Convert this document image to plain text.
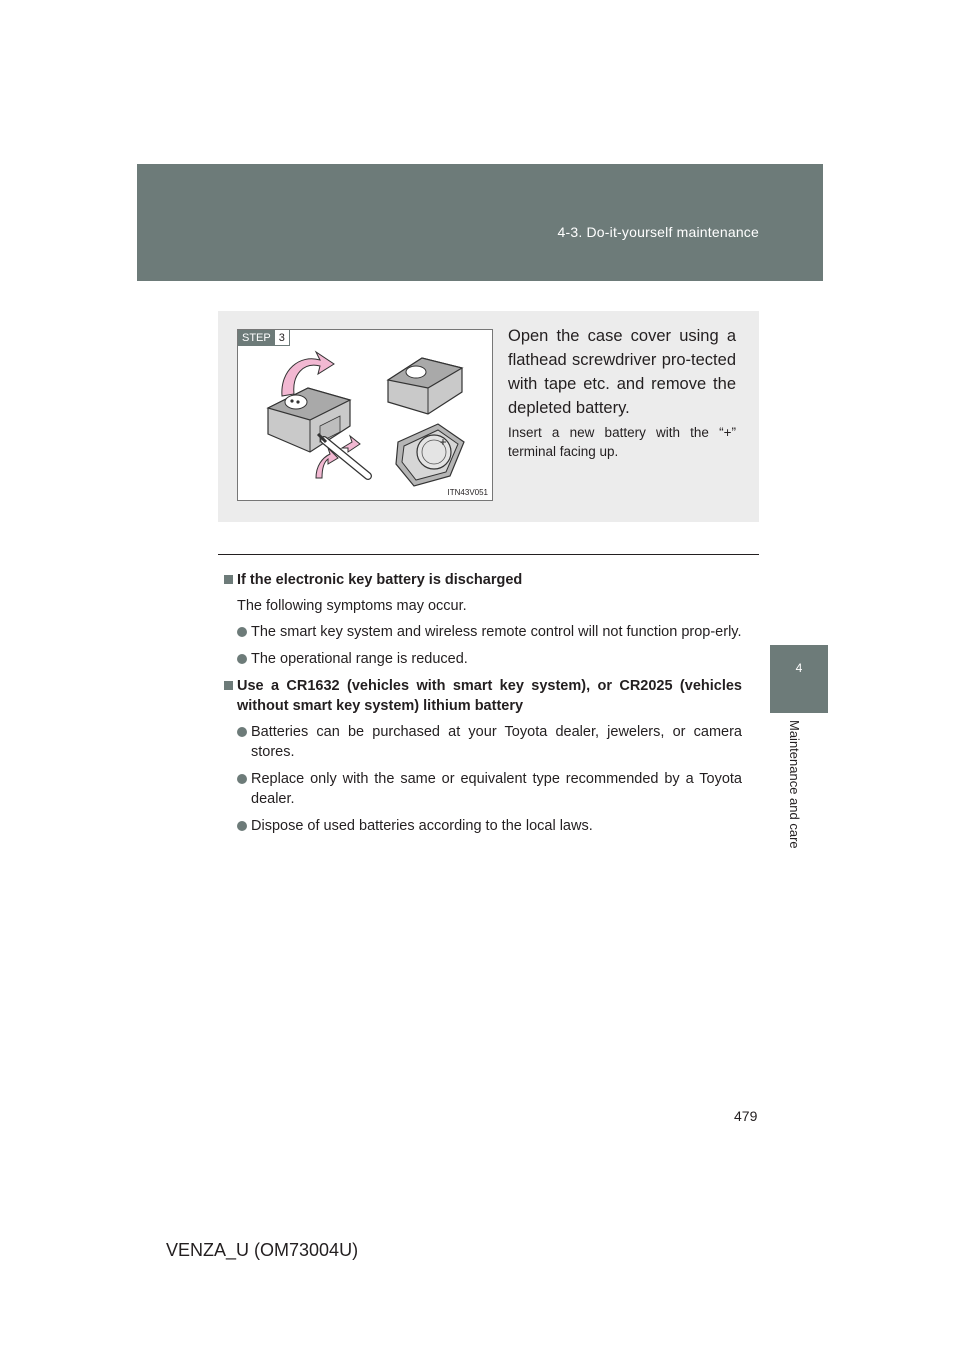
4-3. Do-it-yourself maintenance
4
Maintenance and care
STEP 3
ITN43V051
Open the case cover using a flathead screwdriver pro-tected with tape etc. and remove the depleted battery.
Insert a new battery with the “+” terminal facing up.
If the electronic key battery is discharged
The following symptoms may occur.
The smart key system and wireless remote control will not function prop-erly.
The operational range is reduced.
Use a CR1632 (vehicles with smart key system), or CR2025 (vehicles without smart key system) lithium battery
Batteries can be purchased at your Toyota dealer, jewelers, or camera stores.
Replace only with the same or equivalent type recommended by a Toyota dealer.
Dispose of used batteries according to the local laws.
479
VENZA_U (OM73004U)
